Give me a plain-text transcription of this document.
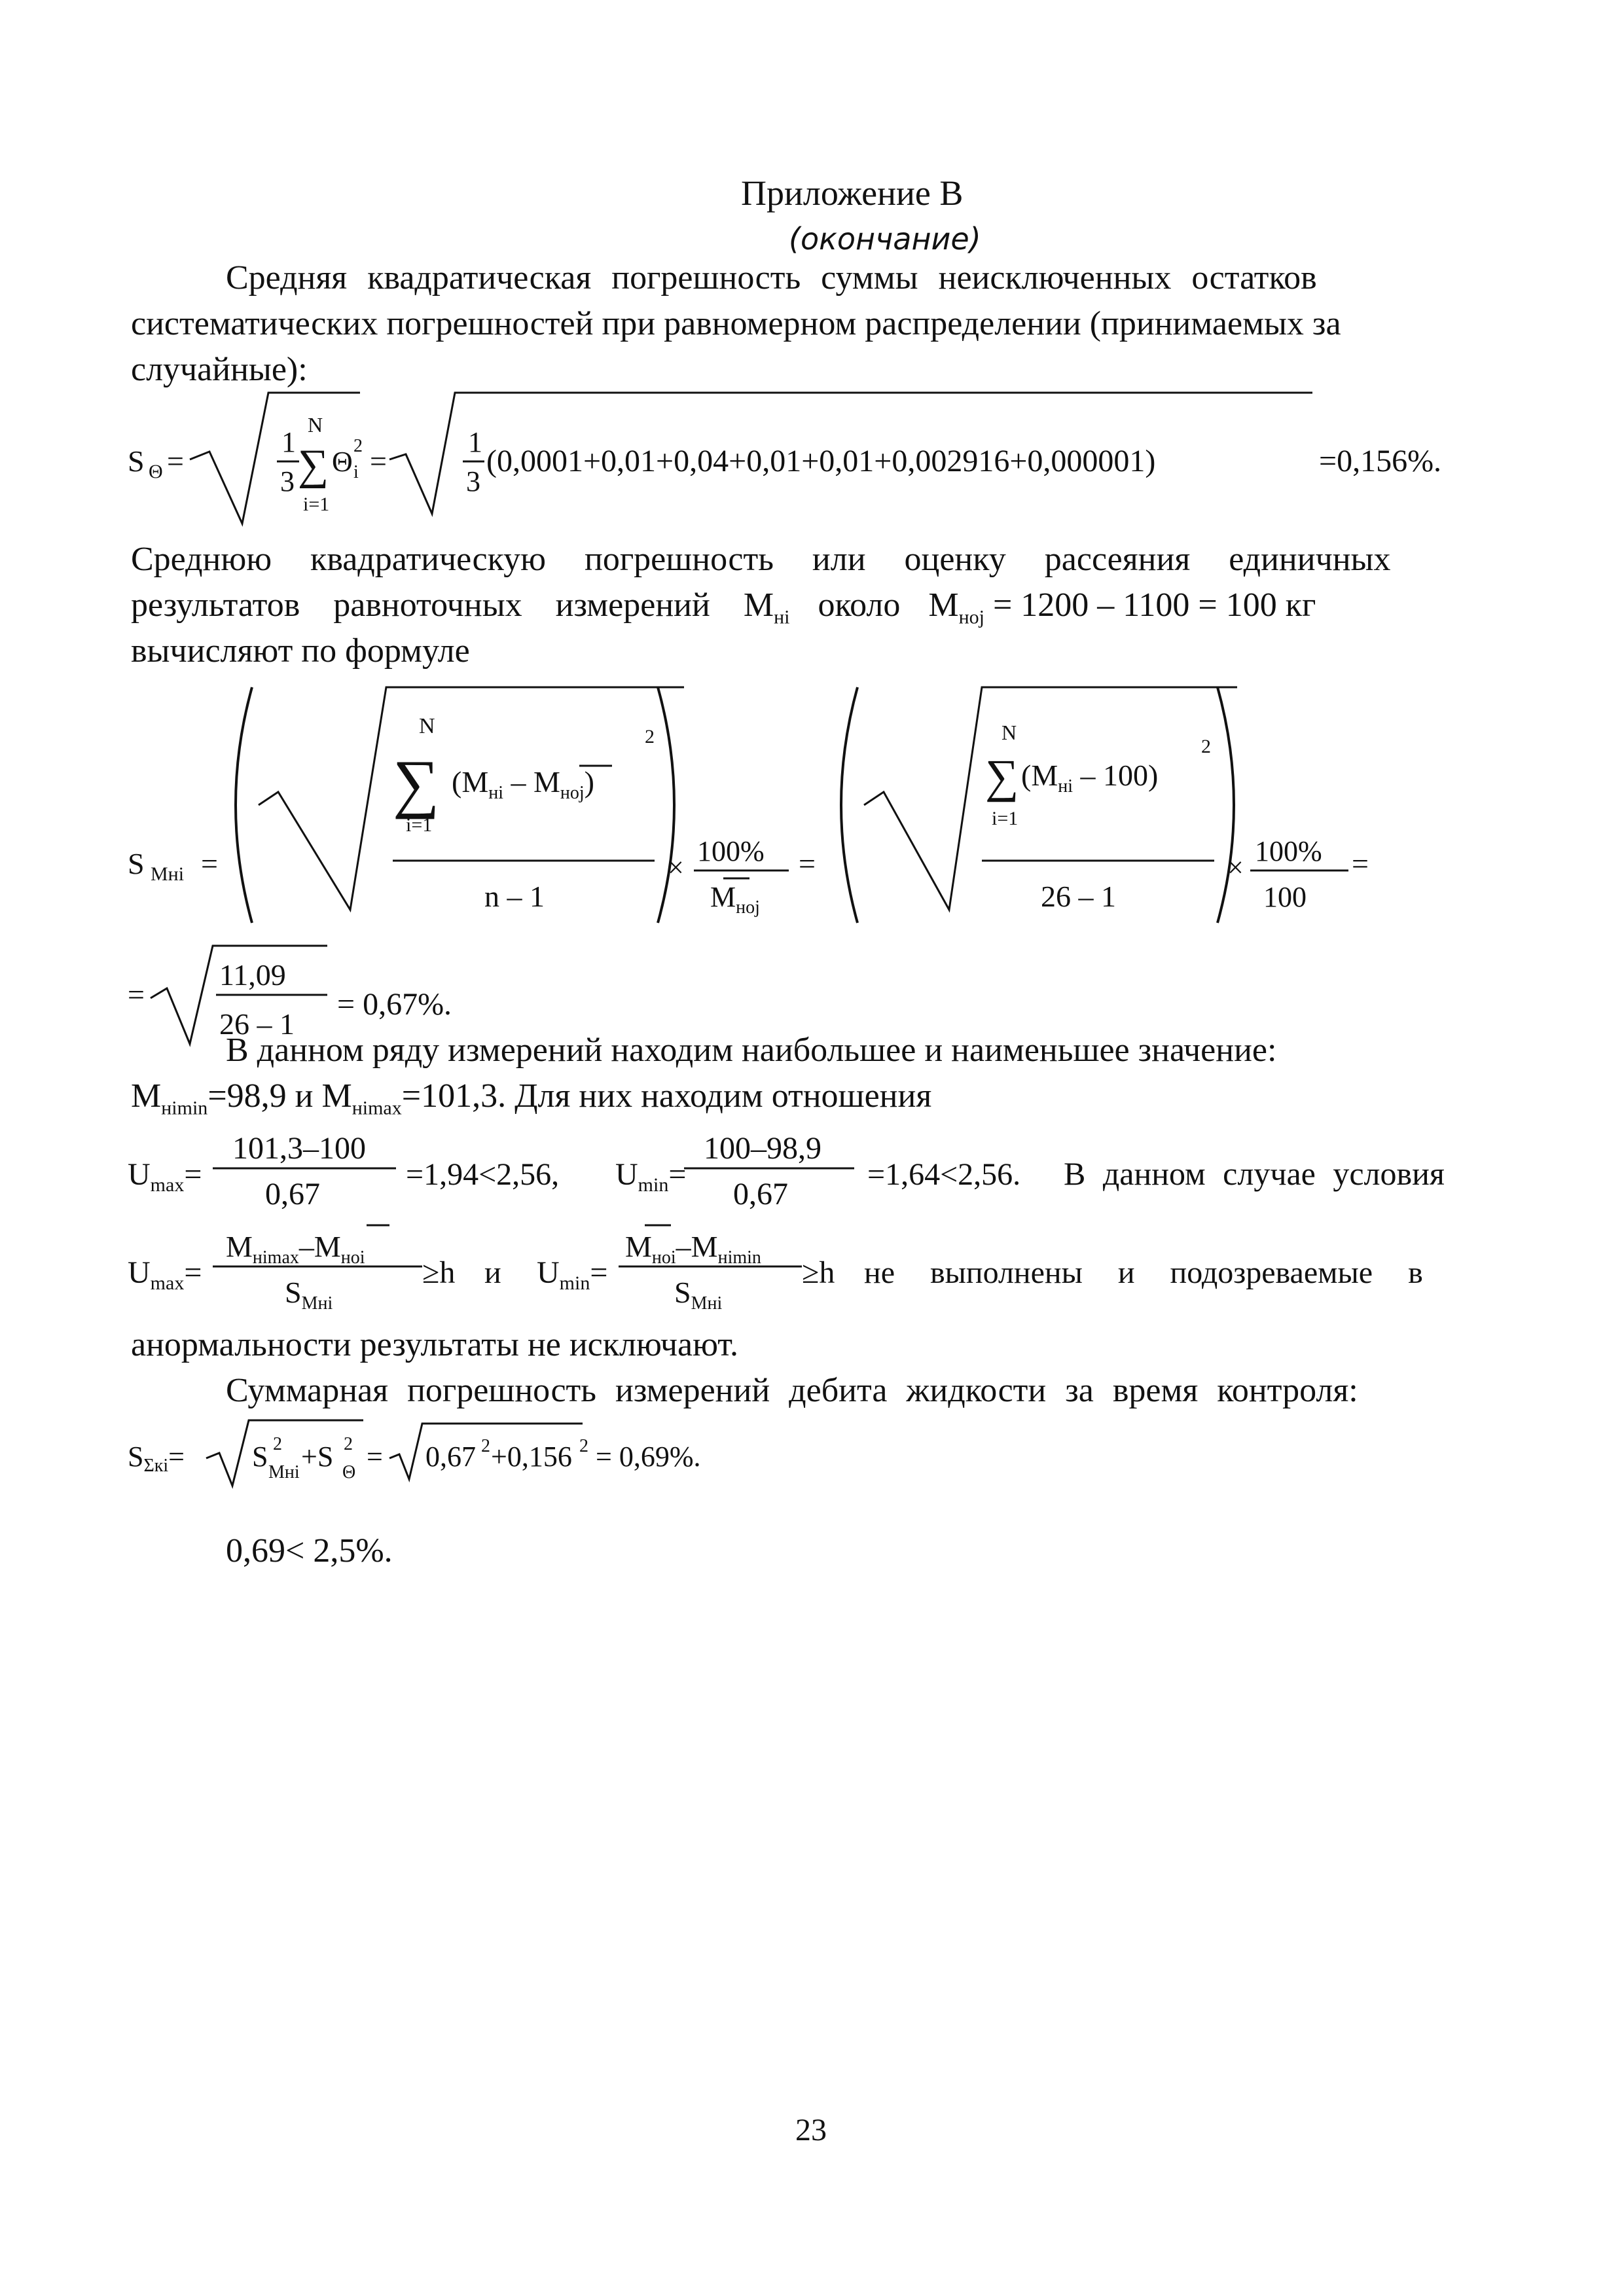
Приложение В
(окончание)
Средняя квадратическая погрешность суммы неисключенных остатков
систематических погрешностей при равномерном распределении (принимаемых за
случайные):
S Θ =
1
3
N
∑
i=1
Θ 2
i =
1
3
(0,0001+0,01+0,04+0,01+0,01+0,002916+0,000001)	=0,156%.
Среднюю квадратическую погрешность или оценку рассеяния единичных
результатов равноточных измерений $M_{нi}$ около $M_{нoj} = 1200 - 1100 = 100$ кг
вычисляют по формуле
S Mнi =
N
∑
i=1
$(M_{нi} - M_{нoj})$
2
n – 1
×
100%
$M_{нoj}$
=
N
∑
i=1
$(M_{нi} - 100)$
2
26 – 1
×
100%
100
=
=
11,09
26 – 1
= 0,67%.
В данном ряду измерений находим наибольшее и наименьшее значение:
$M_{нimin}=98,9$ и $M_{нimax}=101,3$. Для них находим отношения
$U_{max}=$
101,3–100
0,67
=1,94<2,56, $U_{min}=$
100–98,9
0,67
=1,64<2,56. В данном случае условия
$U_{max}=$
$M_{нimax}-M_{нoi}$
$S_{Mнi}$
≥h и $U_{min}=$
$M_{нoi}-M_{нimin}$
$S_{Mнi}$
≥h не выполнены и подозреваемые в
анормальности результаты не исключают.
Суммарная погрешность измерений дебита жидкости за время контроля:
SΣкi= S 2
Mнi +S 2
Θ = 0,67 2 +0,156 2 = 0,69%.
0,69< 2,5%.
23
